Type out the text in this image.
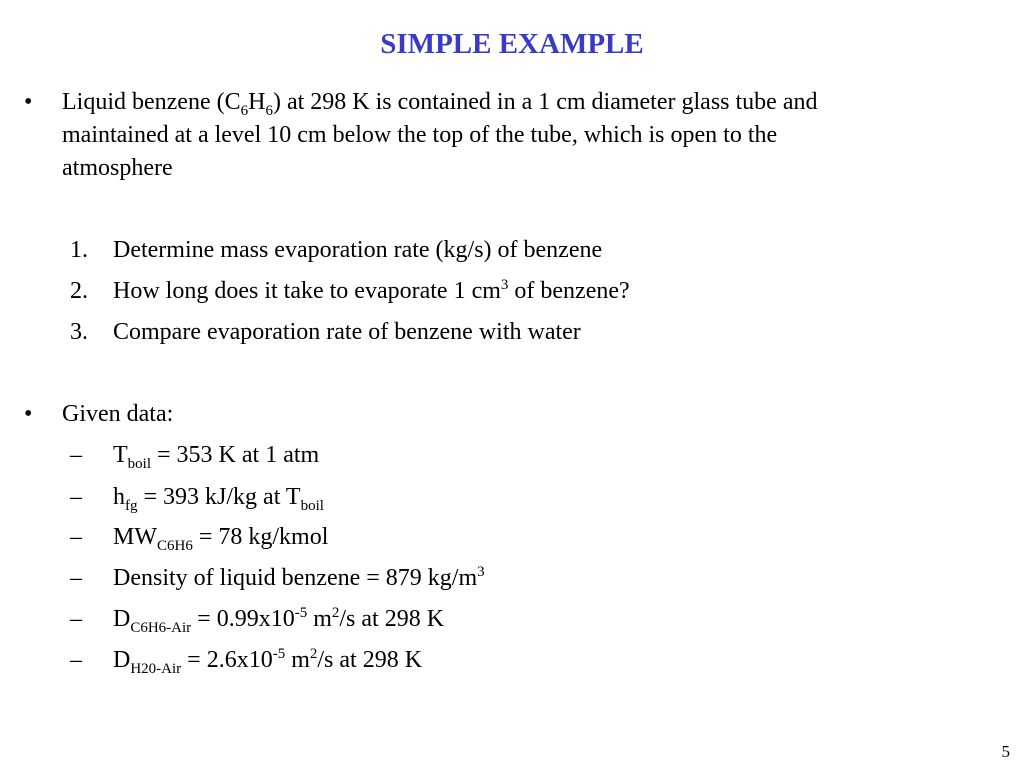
SIMPLE EXAMPLE
• Liquid benzene $(C_6H_6)$ at 298 K is contained in a 1 cm diameter glass tube and
maintained at a level 10 cm below the top of the tube, which is open to the
atmosphere
1. Determine mass evaporation rate (kg/s) of benzene
2. How long does it take to evaporate 1 $cm^3$ of benzene?
3. Compare evaporation rate of benzene with water
• Given data:
– $T_{boil} = 353$ K at 1 atm
– $h_{fg} = 393$ kJ/kg at $T_{boil}$
– $MW_{C6H6} = 78$ kg/kmol
– Density of liquid benzene = 879 $kg/m^3$
– $D_{C6H6-Air} = 0.99x10^{-5}$ $m^2/s$ at 298 K
– $D_{H20-Air} = 2.6x10^{-5}$ $m^2/s$ at 298 K
5
